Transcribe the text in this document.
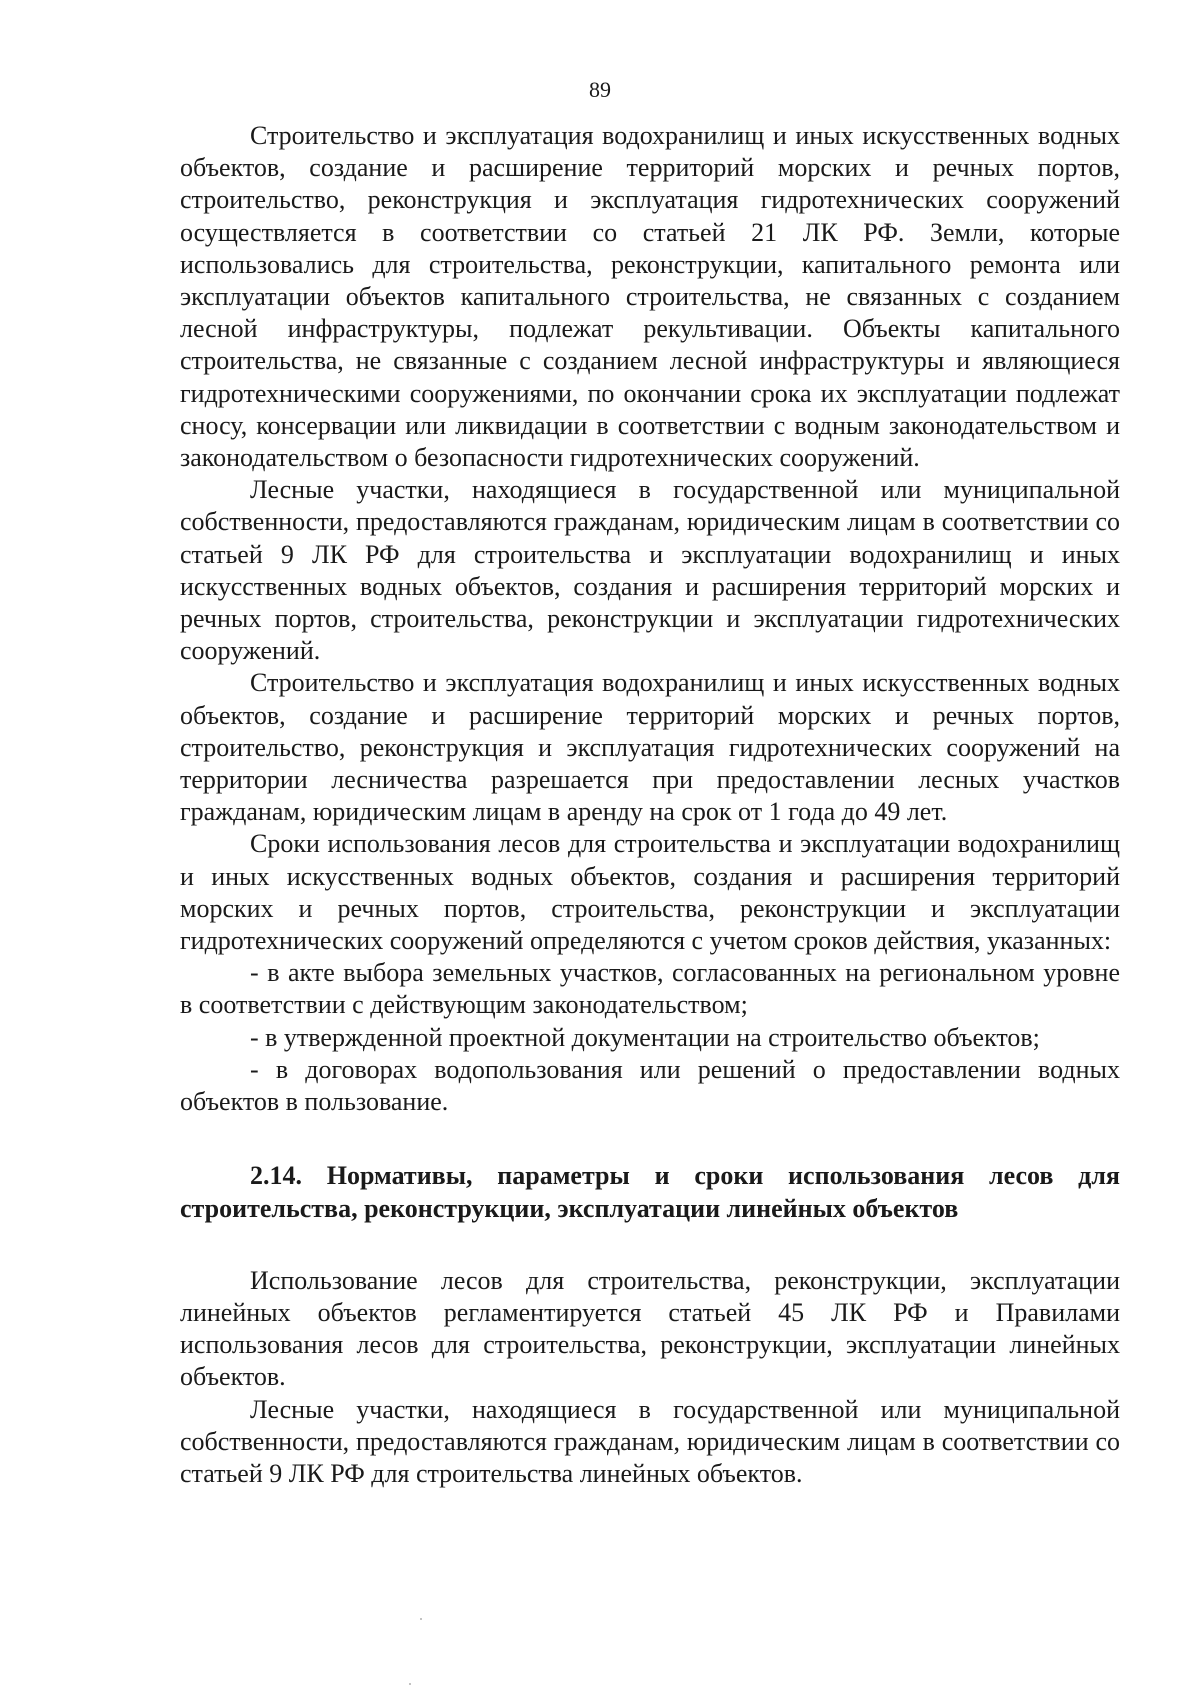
89

Строительство и эксплуатация водохранилищ и иных искусственных водных объектов, создание и расширение территорий морских и речных портов, строительство, реконструкция и эксплуатация гидротехнических сооружений осуществляется в соответствии со статьей 21 ЛК РФ. Земли, которые использовались для строительства, реконструкции, капитального ремонта или эксплуатации объектов капитального строительства, не связанных с созданием лесной инфраструктуры, подлежат рекультивации. Объекты капитального строительства, не связанные с созданием лесной инфраструктуры и являющиеся гидротехническими сооружениями, по окончании срока их эксплуатации подлежат сносу, консервации или ликвидации в соответствии с водным законодательством и законодательством о безопасности гидротехнических сооружений.

Лесные участки, находящиеся в государственной или муниципальной собственности, предоставляются гражданам, юридическим лицам в соответствии со статьей 9 ЛК РФ для строительства и эксплуатации водохранилищ и иных искусственных водных объектов, создания и расширения территорий морских и речных портов, строительства, реконструкции и эксплуатации гидротехнических сооружений.

Строительство и эксплуатация водохранилищ и иных искусственных водных объектов, создание и расширение территорий морских и речных портов, строительство, реконструкция и эксплуатация гидротехнических сооружений на территории лесничества разрешается при предоставлении лесных участков гражданам, юридическим лицам в аренду на срок от 1 года до 49 лет.

Сроки использования лесов для строительства и эксплуатации водохранилищ и иных искусственных водных объектов, создания и расширения территорий морских и речных портов, строительства, реконструкции и эксплуатации гидротехнических сооружений определяются с учетом сроков действия, указанных:

- в акте выбора земельных участков, согласованных на региональном уровне в соответствии с действующим законодательством;

- в утвержденной проектной документации на строительство объектов;

- в договорах водопользования или решений о предоставлении водных объектов в пользование.

2.14. Нормативы, параметры и сроки использования лесов для строительства, реконструкции, эксплуатации линейных объектов

Использование лесов для строительства, реконструкции, эксплуатации линейных объектов регламентируется статьей 45 ЛК РФ и Правилами использования лесов для строительства, реконструкции, эксплуатации линейных объектов.

Лесные участки, находящиеся в государственной или муниципальной собственности, предоставляются гражданам, юридическим лицам в соответствии со статьей 9 ЛК РФ для строительства линейных объектов.
